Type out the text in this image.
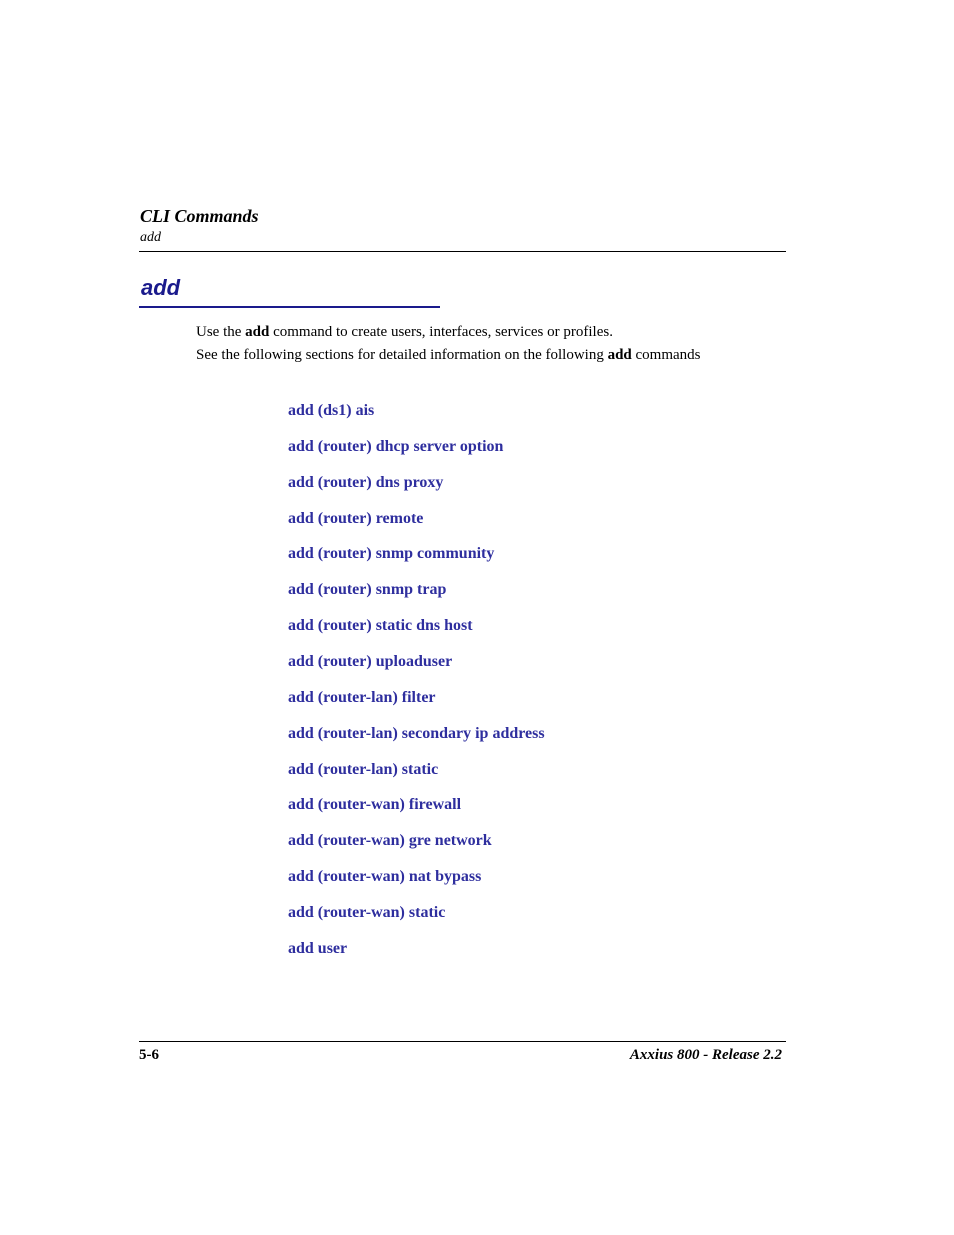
CLI Commands
add
add
Use the add command to create users, interfaces, services or profiles.
See the following sections for detailed information on the following add commands
add (ds1) ais
add (router) dhcp server option
add (router) dns proxy
add (router) remote
add (router) snmp community
add (router) snmp trap
add (router) static dns host
add (router) uploaduser
add (router-lan) filter
add (router-lan) secondary ip address
add (router-lan) static
add (router-wan) firewall
add (router-wan) gre network
add (router-wan) nat bypass
add (router-wan) static
add user
5-6	Axxius 800 - Release 2.2
